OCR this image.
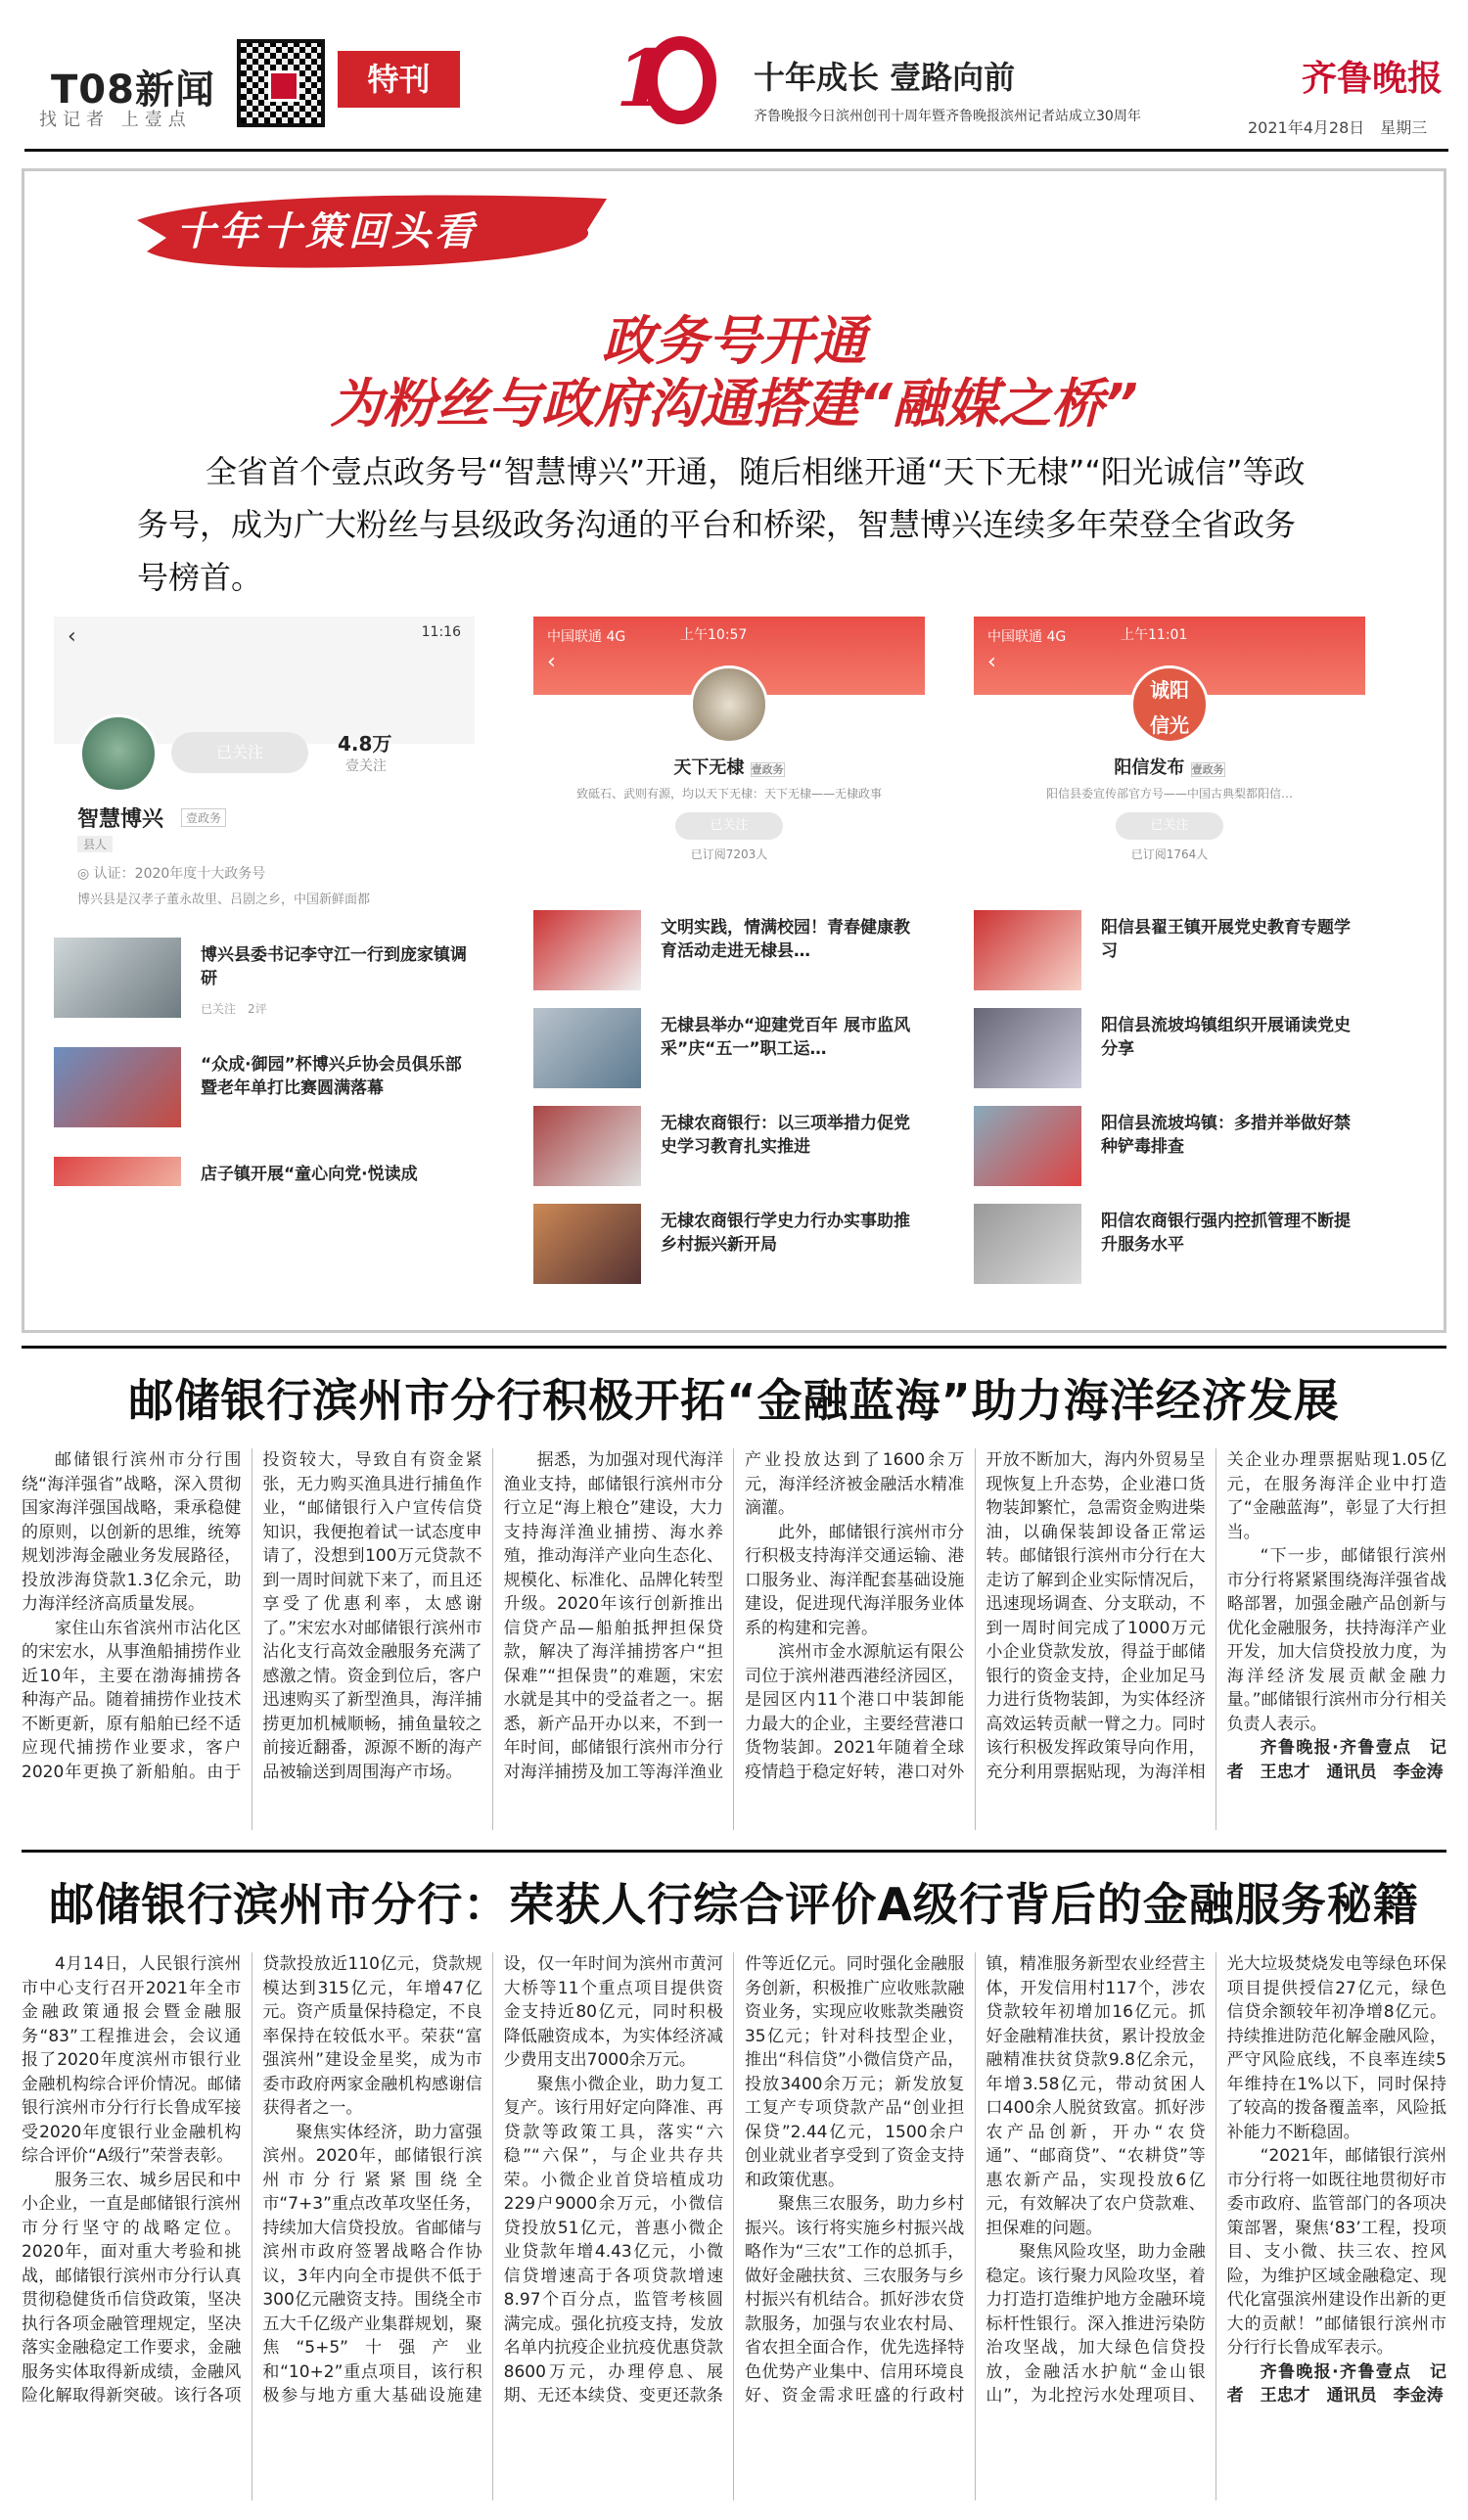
T08新闻
找记者 上壹点
特刊	1	十年成长 壹路向前
齐鲁晚报今日滨州创刊十周年暨齐鲁晚报滨州记者站成立30周年
齐鲁晚报
2021年4月28日　星期三
十年十策回头看
政务号开通
为粉丝与政府沟通搭建“融媒之桥”
全省首个壹点政务号“智慧博兴”开通，随后相继开通“天下无棣”“阳光诚信”等政务号，成为广大粉丝与县级政务沟通的平台和桥梁，智慧博兴连续多年荣登全省政务号榜首。
‹	11:16
已关注	4.8万
壹关注
智慧博兴	壹政务
县人
◎ 认证：2020年度十大政务号
博兴县是汉孝子董永故里、吕剧之乡，中国新鲜面都
博兴县委书记李守江一行到庞家镇调研
已关注　2评
“众成·御园”杯博兴乒协会员俱乐部暨老年单打比赛圆满落幕
店子镇开展“童心向党·悦读成
中国联通 4G	上午10:57
‹
天下无棣 壹政务
致砥石、武则有源，均以天下无棣：天下无棣——无棣政事
已关注
已订阅7203人
文明实践，情满校园！青春健康教育活动走进无棣县…
无棣县举办“迎建党百年 展市监风采”庆“五一”职工运…
无棣农商银行：以三项举措力促党史学习教育扎实推进
无棣农商银行学史力行办实事助推乡村振兴新开局
中国联通 4G	上午11:01
‹
诚阳信光
阳信发布 壹政务
阳信县委宣传部官方号——中国古典梨都阳信…
已关注
已订阅1764人
阳信县翟王镇开展党史教育专题学习
阳信县流坡坞镇组织开展诵读党史分享
阳信县流坡坞镇：多措并举做好禁种铲毒排查
阳信农商银行强内控抓管理不断提升服务水平
邮储银行滨州市分行积极开拓“金融蓝海”助力海洋经济发展

邮储银行滨州市分行围绕“海洋强省”战略，深入贯彻国家海洋强国战略，秉承稳健的原则，以创新的思维，统筹规划涉海金融业务发展路径，投放涉海贷款1.3亿余元，助力海洋经济高质量发展。

家住山东省滨州市沾化区的宋宏水，从事渔船捕捞作业近10年，主要在渤海捕捞各种海产品。随着捕捞作业技术不断更新，原有船舶已经不适应现代捕捞作业要求，客户2020年更换了新船舶。由于投资较大，导致自有资金紧张，无力购买渔具进行捕鱼作业，“邮储银行入户宣传信贷知识，我便抱着试一试态度申请了，没想到100万元贷款不到一周时间就下来了，而且还享受了优惠利率，太感谢了。”宋宏水对邮储银行滨州市沾化支行高效金融服务充满了感激之情。资金到位后，客户迅速购买了新型渔具，海洋捕捞更加机械顺畅，捕鱼量较之前接近翻番，源源不断的海产品被输送到周围海产市场。

据悉，为加强对现代海洋渔业支持，邮储银行滨州市分行立足“海上粮仓”建设，大力支持海洋渔业捕捞、海水养殖，推动海洋产业向生态化、规模化、标准化、品牌化转型升级。2020年该行创新推出信贷产品—船舶抵押担保贷款，解决了海洋捕捞客户“担保难”“担保贵”的难题，宋宏水就是其中的受益者之一。据悉，新产品开办以来，不到一年时间，邮储银行滨州市分行对海洋捕捞及加工等海洋渔业产业投放达到了1600余万元，海洋经济被金融活水精准滴灌。

此外，邮储银行滨州市分行积极支持海洋交通运输、港口服务业、海洋配套基础设施建设，促进现代海洋服务业体系的构建和完善。

滨州市金水源航运有限公司位于滨州港西港经济园区，是园区内11个港口中装卸能力最大的企业，主要经营港口货物装卸。2021年随着全球疫情趋于稳定好转，港口对外开放不断加大，海内外贸易呈现恢复上升态势，企业港口货物装卸繁忙，急需资金购进柴油，以确保装卸设备正常运转。邮储银行滨州市分行在大走访了解到企业实际情况后，迅速现场调查、分支联动，不到一周时间完成了1000万元小企业贷款发放，得益于邮储银行的资金支持，企业加足马力进行货物装卸，为实体经济高效运转贡献一臂之力。同时该行积极发挥政策导向作用，充分利用票据贴现，为海洋相关企业办理票据贴现1.05亿元，在服务海洋企业中打造了“金融蓝海”，彰显了大行担当。

“下一步，邮储银行滨州市分行将紧紧围绕海洋强省战略部署，加强金融产品创新与优化金融服务，扶持海洋产业开发，加大信贷投放力度，为海洋经济发展贡献金融力量。”邮储银行滨州市分行相关负责人表示。

齐鲁晚报·齐鲁壹点　记者　王忠才　通讯员　李金涛

邮储银行滨州市分行：荣获人行综合评价A级行背后的金融服务秘籍

4月14日，人民银行滨州市中心支行召开2021年全市金融政策通报会暨金融服务“83”工程推进会，会议通报了2020年度滨州市银行业金融机构综合评价情况。邮储银行滨州市分行行长鲁成军接受2020年度银行业金融机构综合评价“A级行”荣誉表彰。

服务三农、城乡居民和中小企业，一直是邮储银行滨州市分行坚守的战略定位。2020年，面对重大考验和挑战，邮储银行滨州市分行认真贯彻稳健货币信贷政策，坚决执行各项金融管理规定，坚决落实金融稳定工作要求，金融服务实体取得新成绩，金融风险化解取得新突破。该行各项贷款投放近110亿元，贷款规模达到315亿元，年增47亿元。资产质量保持稳定，不良率保持在较低水平。荣获“富强滨州”建设金星奖，成为市委市政府两家金融机构感谢信获得者之一。

聚焦实体经济，助力富强滨州。2020年，邮储银行滨州市分行紧紧围绕全市“7+3”重点改革攻坚任务，持续加大信贷投放。省邮储与滨州市政府签署战略合作协议，3年内向全市提供不低于300亿元融资支持。围绕全市五大千亿级产业集群规划，聚焦“5+5”十强产业和“10+2”重点项目，该行积极参与地方重大基础设施建设，仅一年时间为滨州市黄河大桥等11个重点项目提供资金支持近80亿元，同时积极降低融资成本，为实体经济减少费用支出7000余万元。

聚焦小微企业，助力复工复产。该行用好定向降准、再贷款等政策工具，落实“六稳”“六保”，与企业共存共荣。小微企业首贷培植成功229户9000余万元，小微信贷投放51亿元，普惠小微企业贷款年增4.43亿元，小微信贷增速高于各项贷款增速8.97个百分点，监管考核圆满完成。强化抗疫支持，发放名单内抗疫企业抗疫优惠贷款8600万元，办理停息、展期、无还本续贷、变更还款条件等近亿元。同时强化金融服务创新，积极推广应收账款融资业务，实现应收账款类融资35亿元；针对科技型企业，推出“科信贷”小微信贷产品，投放3400余万元；新发放复工复产专项贷款产品“创业担保贷”2.44亿元，1500余户创业就业者享受到了资金支持和政策优惠。

聚焦三农服务，助力乡村振兴。该行将实施乡村振兴战略作为“三农”工作的总抓手，做好金融扶贫、三农服务与乡村振兴有机结合。抓好涉农贷款服务，加强与农业农村局、省农担全面合作，优先选择特色优势产业集中、信用环境良好、资金需求旺盛的行政村镇，精准服务新型农业经营主体，开发信用村117个，涉农贷款较年初增加16亿元。抓好金融精准扶贫，累计投放金融精准扶贫贷款9.8亿余元，年增3.58亿元，带动贫困人口400余人脱贫致富。抓好涉农产品创新，开办“农贷通”、“邮商贷”、“农耕贷”等惠农新产品，实现投放6亿元，有效解决了农户贷款难、担保难的问题。

聚焦风险攻坚，助力金融稳定。该行聚力风险攻坚，着力打造打造维护地方金融环境标杆性银行。深入推进污染防治攻坚战，加大绿色信贷投放，金融活水护航“金山银山”，为北控污水处理项目、光大垃圾焚烧发电等绿色环保项目提供授信27亿元，绿色信贷余额较年初净增8亿元。持续推进防范化解金融风险，严守风险底线，不良率连续5年维持在1%以下，同时保持了较高的拨备覆盖率，风险抵补能力不断稳固。

“2021年，邮储银行滨州市分行将一如既往地贯彻好市委市政府、监管部门的各项决策部署，聚焦‘83’工程，投项目、支小微、扶三农、控风险，为维护区域金融稳定、现代化富强滨州建设作出新的更大的贡献！”邮储银行滨州市分行行长鲁成军表示。

齐鲁晚报·齐鲁壹点　记者　王忠才　通讯员　李金涛
